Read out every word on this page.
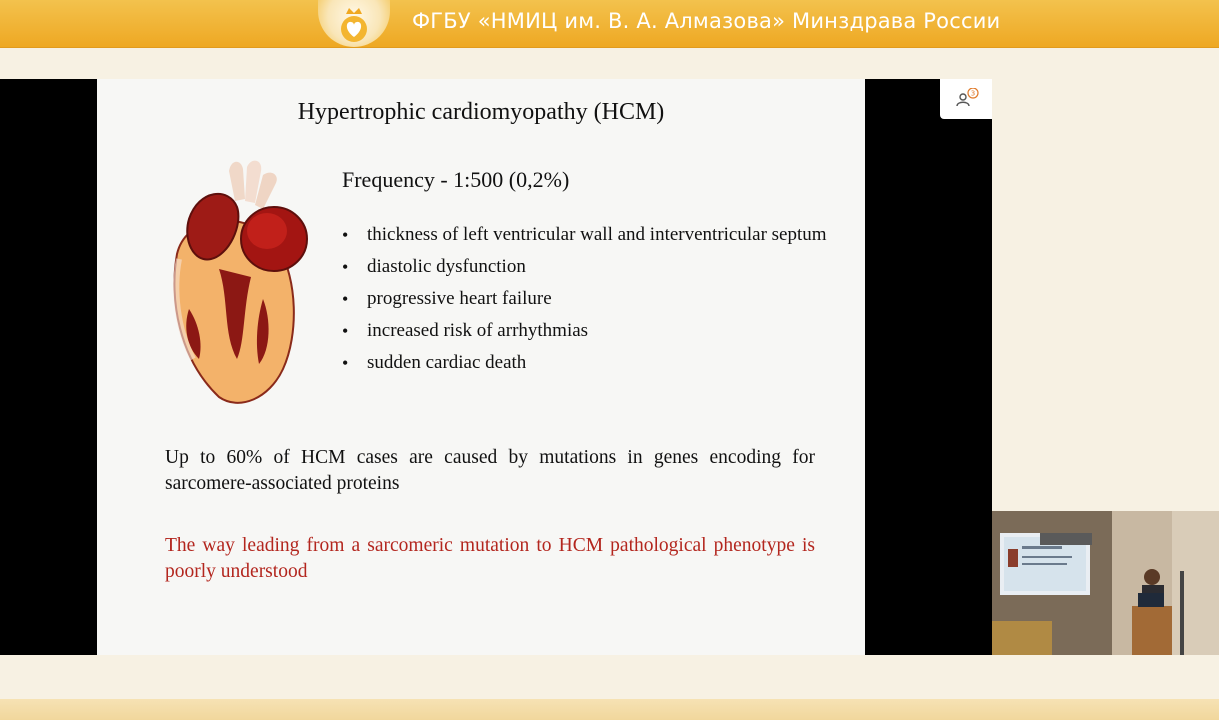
ФГБУ «НМИЦ им. В. А. Алмазова» Минздрава России
Hypertrophic cardiomyopathy (HCM)
Frequency - 1:500 (0,2%)
• thickness of left ventricular wall and interventricular septum
• diastolic dysfunction
• progressive heart failure
• increased risk of arrhythmias
• sudden cardiac death
Up to 60% of HCM cases are caused by mutations in genes encoding for sarcomere-associated proteins
The way leading from a sarcomeric mutation to HCM pathological phenotype is poorly understood
3
